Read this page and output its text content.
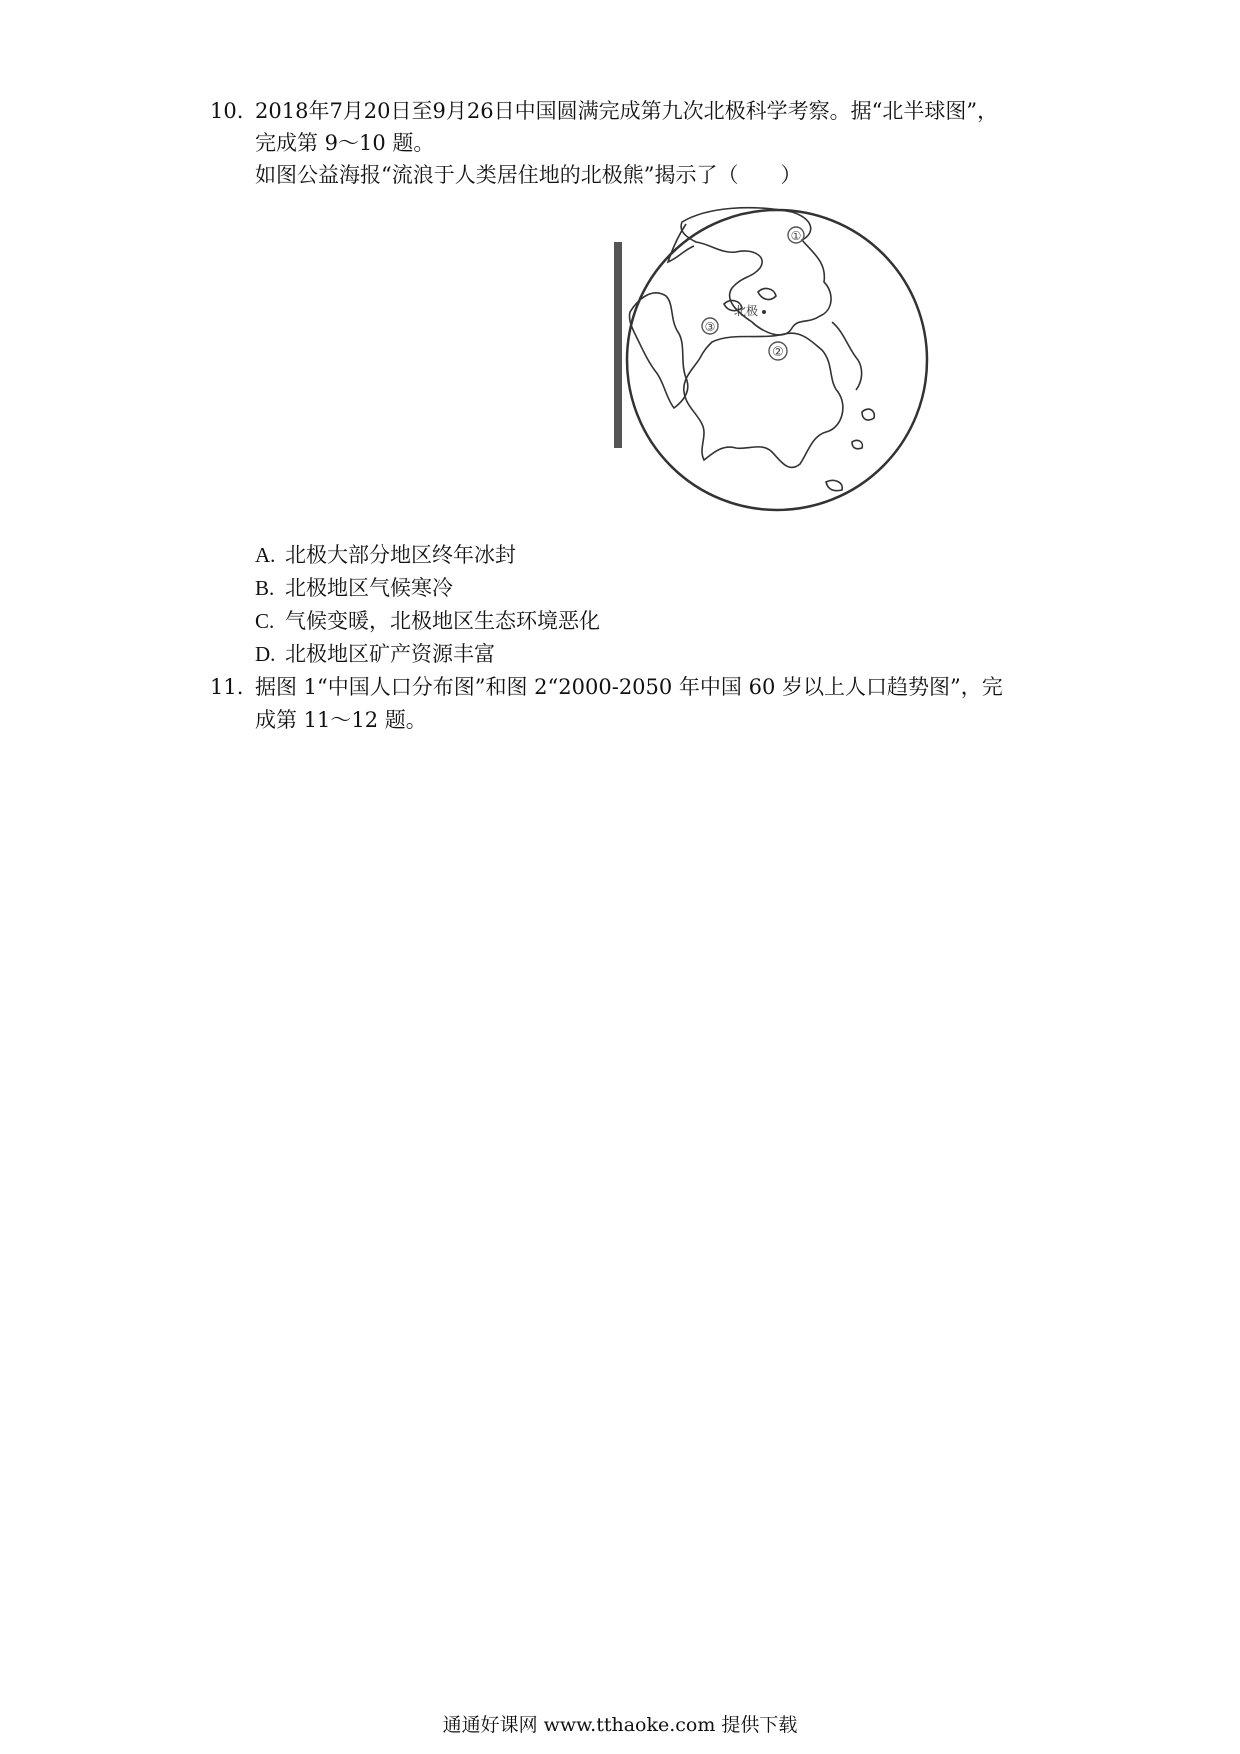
10. 2018年7月20日至9月26日中国圆满完成第九次北极科学考察。据“北半球图”，
完成第 9～10 题。
如图公益海报“流浪于人类居住地的北极熊”揭示了（　　）
①
②
③
北极
A. 北极大部分地区终年冰封
B. 北极地区气候寒冷
C. 气候变暖，北极地区生态环境恶化
D. 北极地区矿产资源丰富
11. 据图 1“中国人口分布图”和图 2“2000-2050 年中国 60 岁以上人口趋势图”，完
成第 11～12 题。
通通好课网 www.tthaoke.com 提供下载
